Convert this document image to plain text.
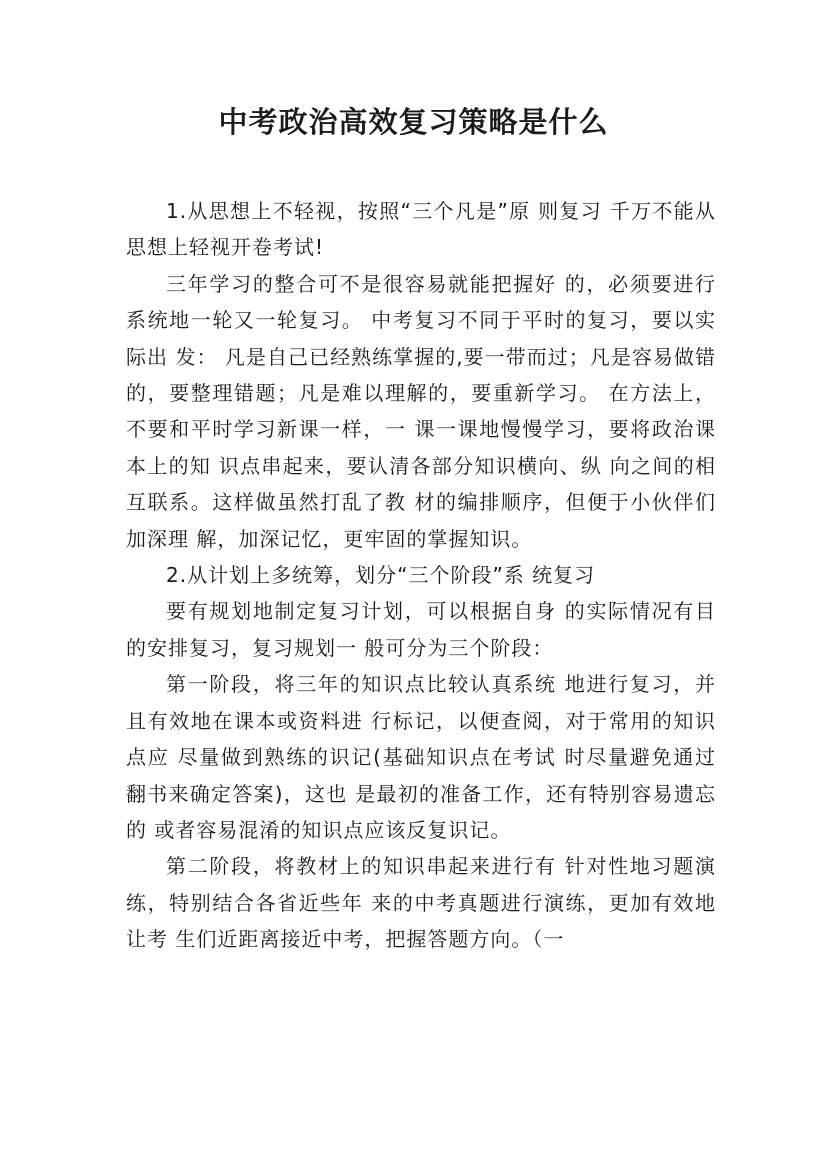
中考政治高效复习策略是什么

1.从思想上不轻视，按照“三个凡是”原 则复习 千万不能从思想上轻视开卷考试!

三年学习的整合可不是很容易就能把握好 的，必须要进行系统地一轮又一轮复习。 中考复习不同于平时的复习，要以实际出 发： 凡是自己已经熟练掌握的,要一带而过；凡是容易做错的，要整理错题；凡是难以理解的，要重新学习。 在方法上，不要和平时学习新课一样，一 课一课地慢慢学习，要将政治课本上的知 识点串起来，要认清各部分知识横向、纵 向之间的相互联系。这样做虽然打乱了教 材的编排顺序，但便于小伙伴们加深理 解，加深记忆，更牢固的掌握知识。

2.从计划上多统筹，划分“三个阶段”系 统复习

要有规划地制定复习计划，可以根据自身 的实际情况有目的安排复习，复习规划一 般可分为三个阶段：

第一阶段，将三年的知识点比较认真系统 地进行复习，并且有效地在课本或资料进 行标记，以便查阅，对于常用的知识点应 尽量做到熟练的识记(基础知识点在考试 时尽量避免通过翻书来确定答案)，这也 是最初的准备工作，还有特别容易遗忘的 或者容易混淆的知识点应该反复识记。

第二阶段，将教材上的知识串起来进行有 针对性地习题演练，特别结合各省近些年 来的中考真题进行演练，更加有效地让考 生们近距离接近中考，把握答题方向。（一
